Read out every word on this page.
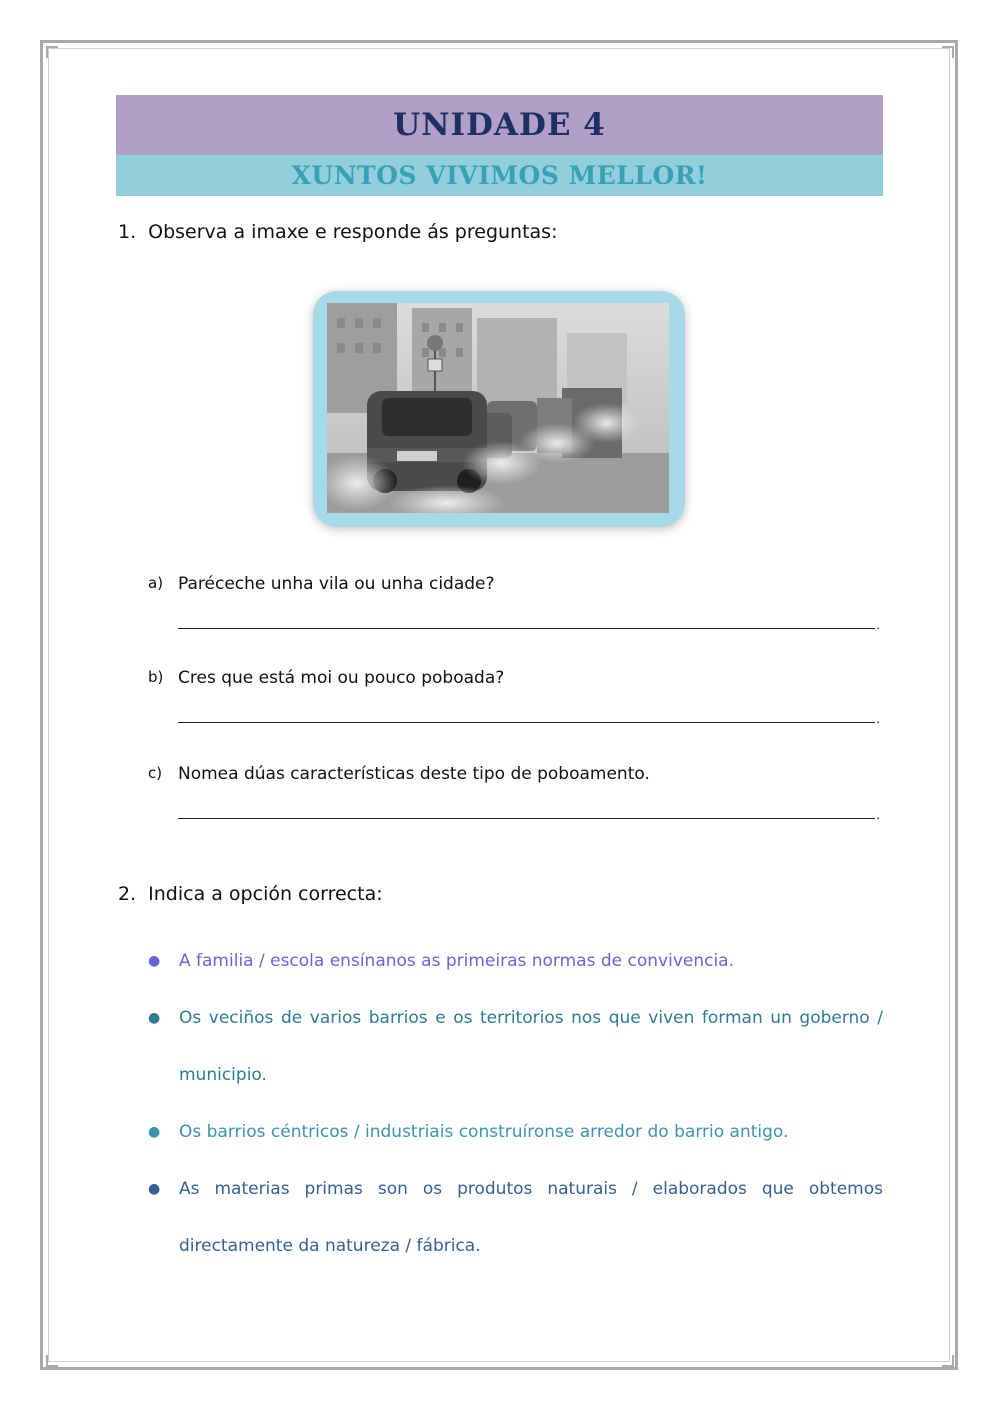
UNIDADE 4
XUNTOS VIVIMOS MELLOR!
1. Observa a imaxe e responde ás preguntas:
a) Paréceche unha vila ou unha cidade?
.
b) Cres que está moi ou pouco poboada?
.
c) Nomea dúas características deste tipo de poboamento.
.
2. Indica a opción correcta:
●	A familia / escola ensínanos as primeiras normas de convivencia.
●	Os veciños de varios barrios e os territorios nos que viven forman un goberno / municipio.
●	Os barrios céntricos / industriais construíronse arredor do barrio antigo.
●	As materias primas son os produtos naturais / elaborados que obtemos directamente da natureza / fábrica.
